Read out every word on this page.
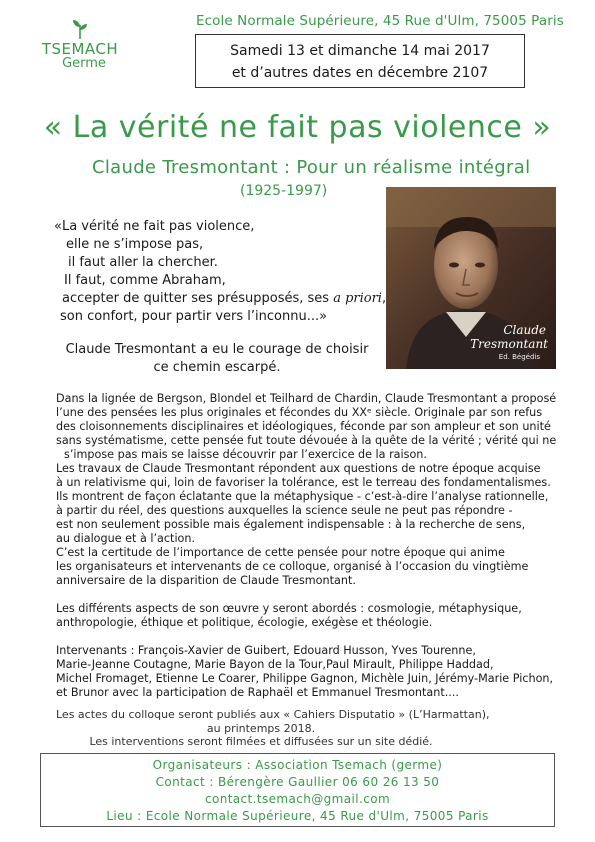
TSEMACH
Germe
Ecole Normale Supérieure, 45 Rue d'Ulm, 75005 Paris
Samedi 13 et dimanche 14 mai 2017
et d’autres dates en décembre 2107
« La vérité ne fait pas violence »
Claude Tresmontant : Pour un réalisme intégral
(1925-1997)
Claude
Tresmontant
Ed. Bégédis
«La vérité ne fait pas violence,
elle ne s’impose pas,
il faut aller la chercher.
Il faut, comme Abraham,
accepter de quitter ses présupposés, ses a priori,
son confort, pour partir vers l’inconnu...»
Claude Tresmontant a eu le courage de choisir
ce chemin escarpé.
Dans la lignée de Bergson, Blondel et Teilhard de Chardin, Claude Tresmontant a proposé
l’une des pensées les plus originales et fécondes du XXᵉ siècle. Originale par son refus
des cloisonnements disciplinaires et idéologiques, féconde par son ampleur et son unité
sans systématisme, cette pensée fut toute dévouée à la quête de la vérité ; vérité qui ne
s’impose pas mais se laisse découvrir par l’exercice de la raison.
Les travaux de Claude Tresmontant répondent aux questions de notre époque acquise
à un relativisme qui, loin de favoriser la tolérance, est le terreau des fondamentalismes.
Ils montrent de façon éclatante que la métaphysique - c’est-à-dire l’analyse rationnelle,
à partir du réel, des questions auxquelles la science seule ne peut pas répondre -
est non seulement possible mais également indispensable : à la recherche de sens,
au dialogue et à l’action.
C’est la certitude de l’importance de cette pensée pour notre époque qui anime
les organisateurs et intervenants de ce colloque, organisé à l’occasion du vingtième
anniversaire de la disparition de Claude Tresmontant.
Les différents aspects de son œuvre y seront abordés : cosmologie, métaphysique,
anthropologie, éthique et politique, écologie, exégèse et théologie.
Intervenants : François-Xavier de Guibert, Edouard Husson, Yves Tourenne,
Marie-Jeanne Coutagne, Marie Bayon de la Tour,Paul Mirault, Philippe Haddad,
Michel Fromaget, Etienne Le Coarer, Philippe Gagnon, Michèle Juin, Jérémy-Marie Pichon,
et Brunor avec la participation de Raphaël et Emmanuel Tresmontant....
Les actes du colloque seront publiés aux « Cahiers Disputatio » (L’Harmattan),
au printemps 2018.
Les interventions seront filmées et diffusées sur un site dédié.
Organisateurs : Association Tsemach (germe)
Contact : Bérengère Gaullier 06 60 26 13 50
contact.tsemach@gmail.com
Lieu : Ecole Normale Supérieure, 45 Rue d'Ulm, 75005 Paris
